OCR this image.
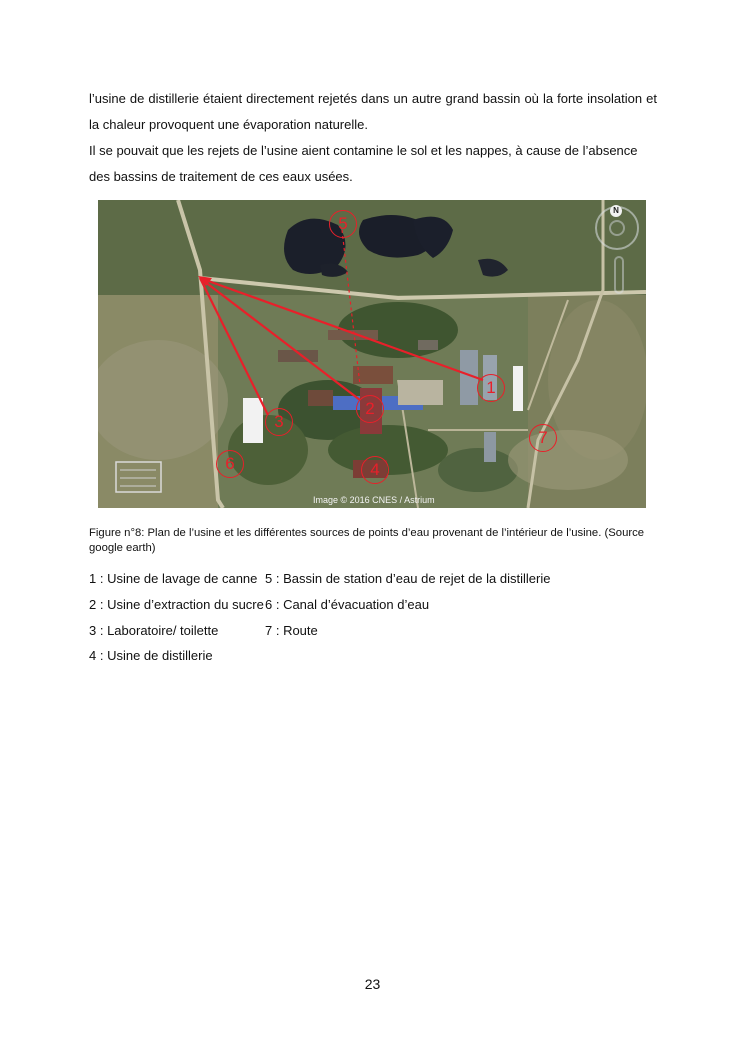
l’usine de distillerie étaient directement rejetés dans un autre grand bassin où la forte insolation et la chaleur provoquent une évaporation naturelle.
Il se pouvait que les rejets de l’usine aient contamine le sol et les nappes, à cause de l’absence des bassins de traitement de ces eaux usées.
1
2
3
4
5
6
7
N
Image © 2016 CNES / Astrium
Figure n°8: Plan de l’usine et les différentes sources de points d’eau provenant de l’intérieur de l’usine. (Source google earth)
1 : Usine de lavage de canne
2 : Usine d’extraction du sucre
3 : Laboratoire/ toilette
4 : Usine de distillerie
5 : Bassin de station d’eau de rejet de la distillerie
6 : Canal d’évacuation d’eau
7 : Route
23
